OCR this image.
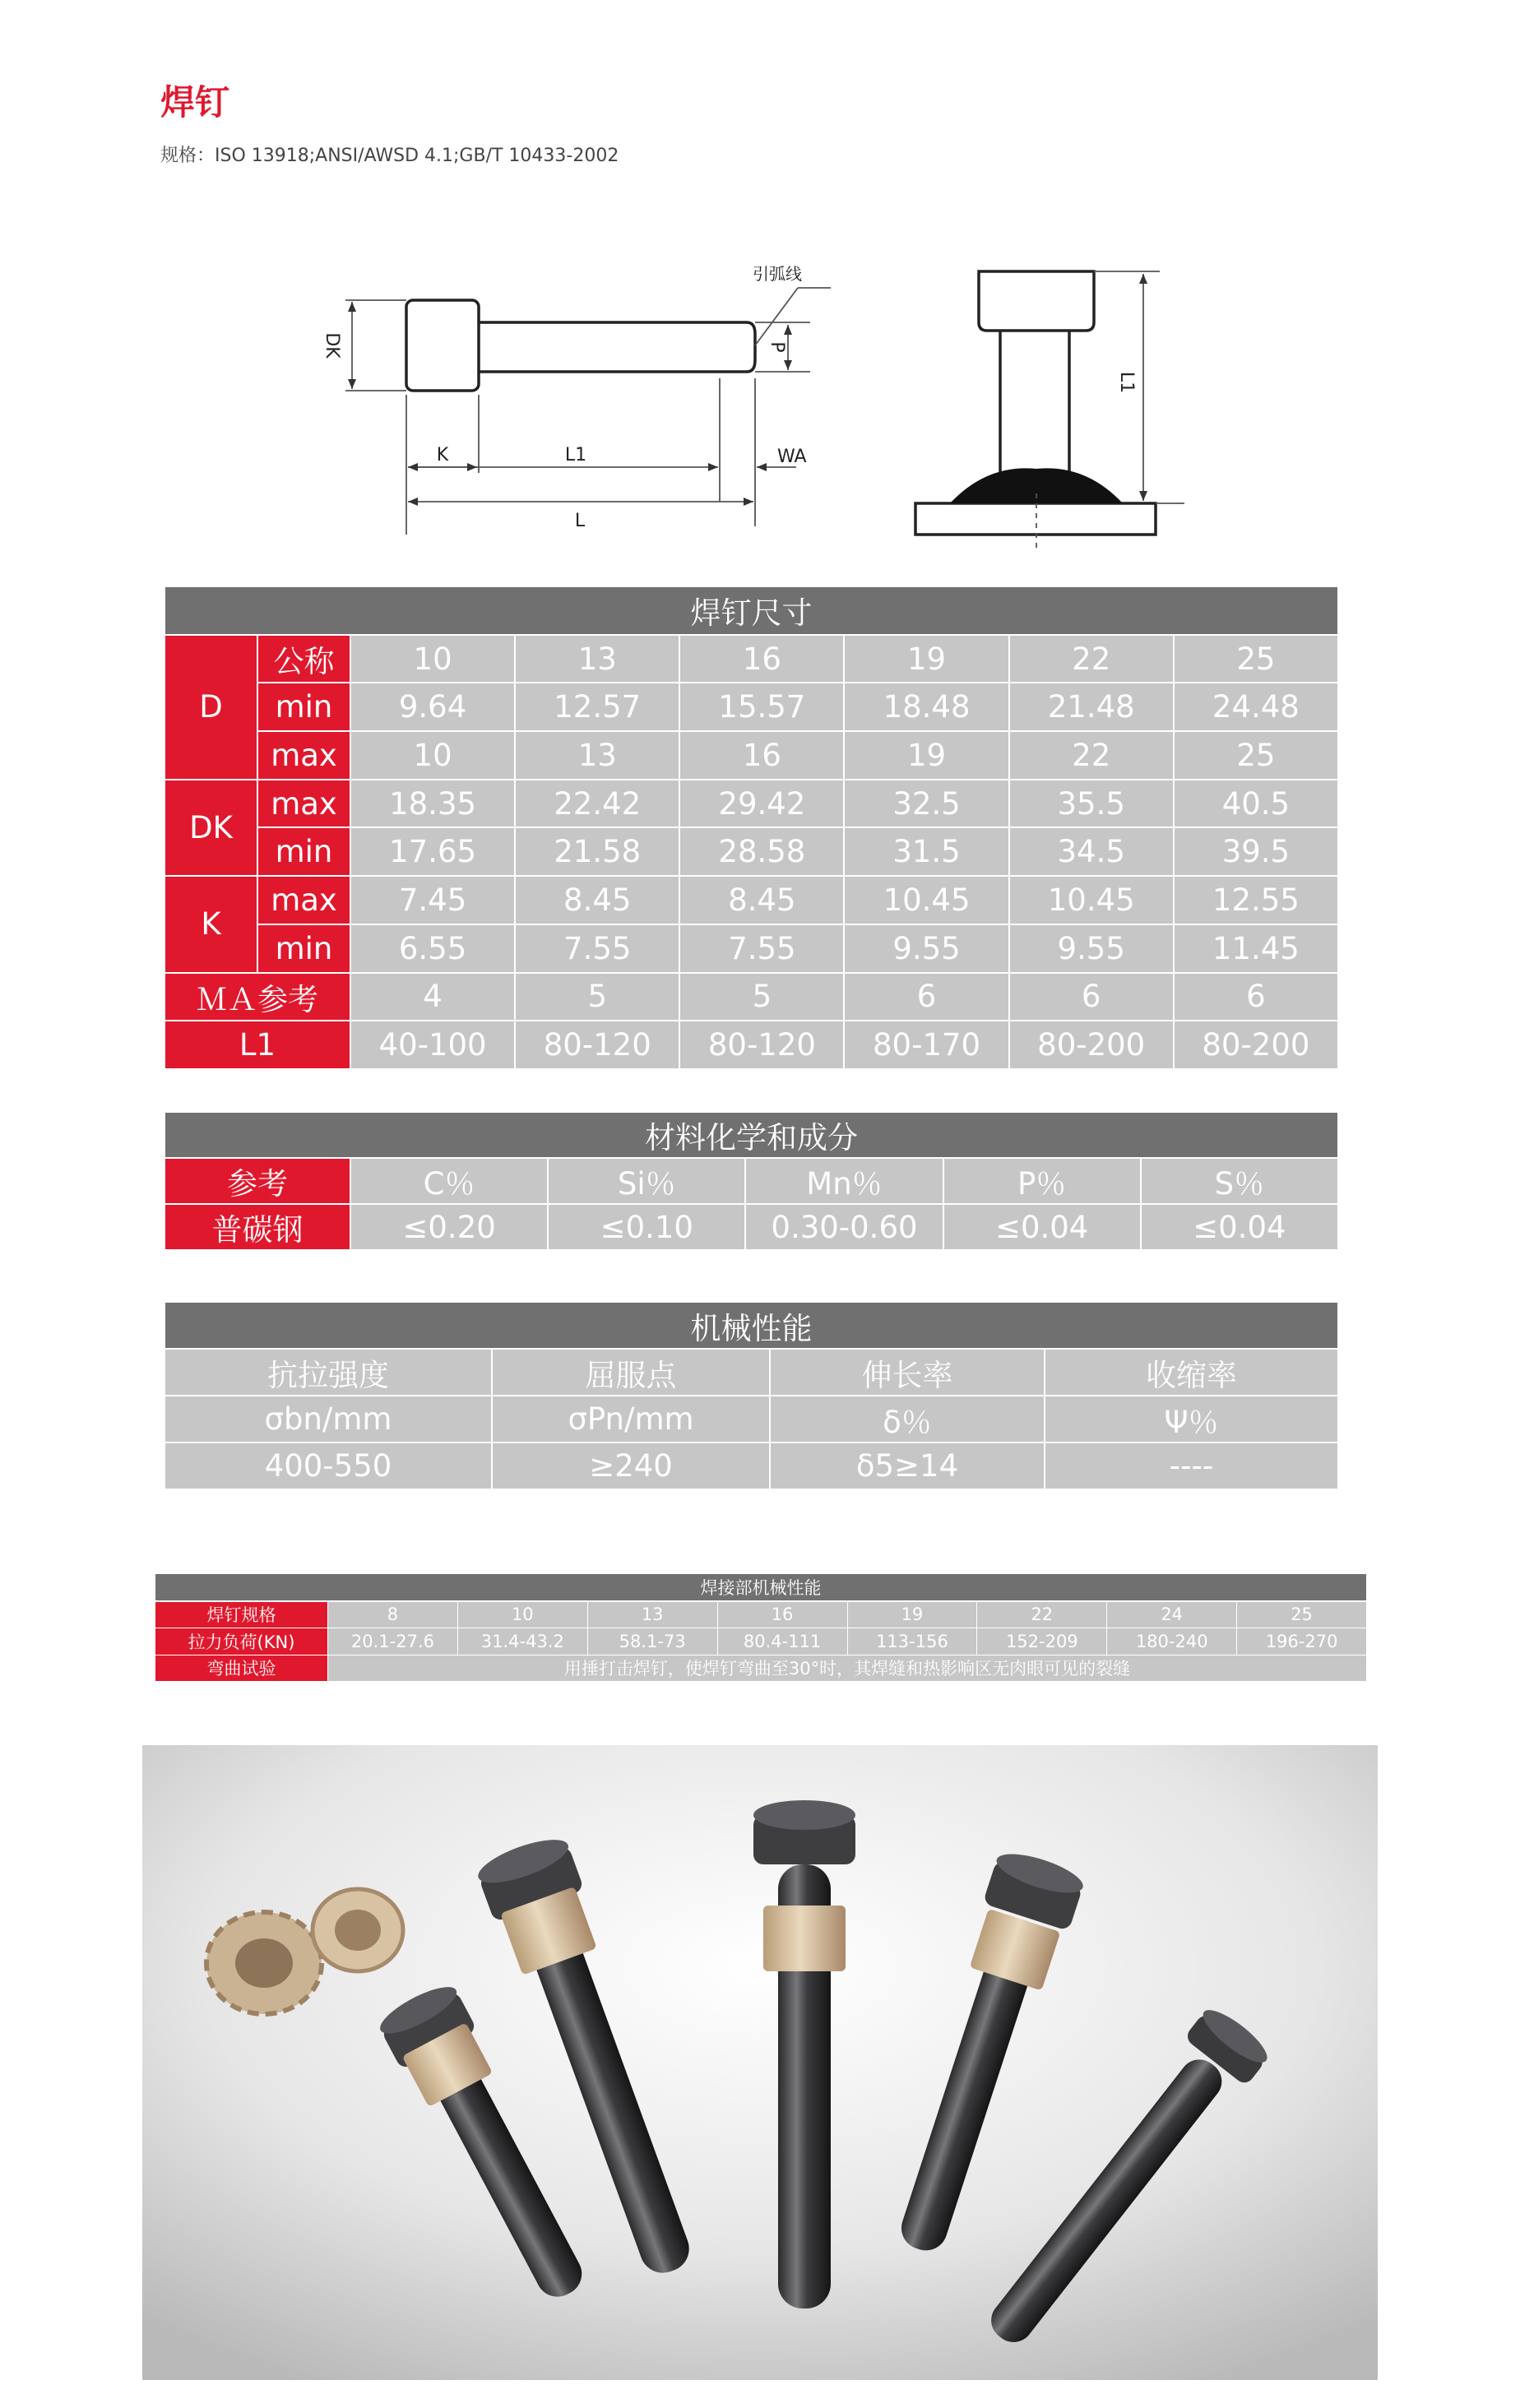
焊钉
规格：ISO 13918;ANSI/AWSD 4.1;GB/T 10433-2002
DK
K	L1
L
P
WA
引弧线
L1
焊钉尺寸							
D	公称	10	13	16	19	22	25
	min	9.64	12.57	15.57	18.48	21.48	24.48
	max	10	13	16	19	22	25
DK	max	18.35	22.42	29.42	32.5	35.5	40.5
	min	17.65	21.58	28.58	31.5	34.5	39.5
K	max	7.45	8.45	8.45	10.45	10.45	12.55
	min	6.55	7.55	7.55	9.55	9.55	11.45
ＭＡ参考		4	5	5	6	6	6
L1		40-100	80-120	80-120	80-170	80-200	80-200
材料化学和成分					
参考	C％	Si％	Mn％	P％	S％
普碳钢	≤0.20	≤0.10	0.30-0.60	≤0.04	≤0.04
机械性能			
抗拉强度	屈服点	伸长率	收缩率
σbn/mm	σPn/mm	δ％	Ψ％
400-550	≥240	δ5≥14	----
焊接部机械性能								
焊钉规格	8	10	13	16	19	22	24	25
拉力负荷(KN)	20.1-27.6	31.4-43.2	58.1-73	80.4-111	113-156	152-209	180-240	196-270
弯曲试验	用捶打击焊钉，使焊钉弯曲至30°时，其焊缝和热影响区无肉眼可见的裂缝							
